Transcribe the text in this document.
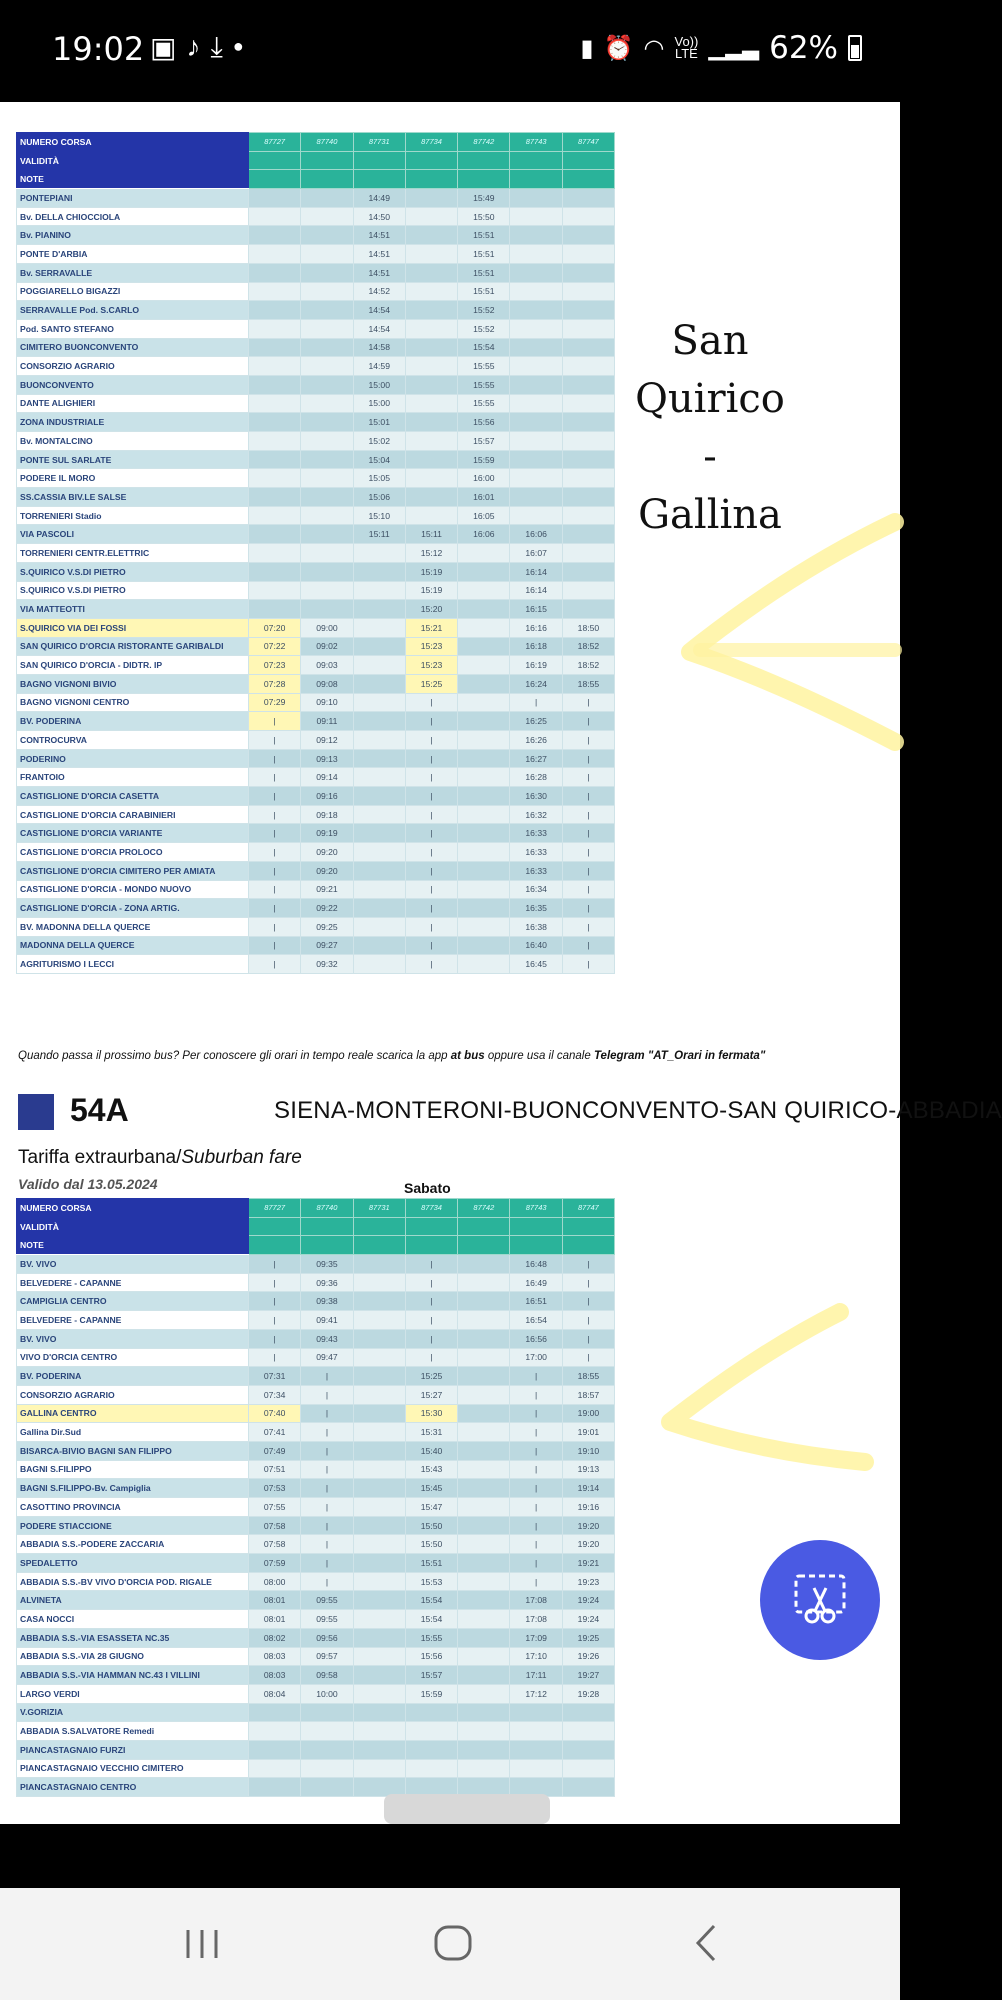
19:02 ▣ ♪ ⤓ ●	▮ ⏰ ◠ Vo))
LTE ▁▂▃ 62%
NUMERO CORSA	87727	87740	87731	87734	87742	87743	87747
VALIDITÀ							
NOTE							
PONTEPIANI			14:49		15:49		
Bv. DELLA CHIOCCIOLA			14:50		15:50		
Bv. PIANINO			14:51		15:51		
PONTE D'ARBIA			14:51		15:51		
Bv. SERRAVALLE			14:51		15:51		
POGGIARELLO BIGAZZI			14:52		15:51		
SERRAVALLE Pod. S.CARLO			14:54		15:52		
Pod. SANTO STEFANO			14:54		15:52		
CIMITERO BUONCONVENTO			14:58		15:54		
CONSORZIO AGRARIO			14:59		15:55		
BUONCONVENTO			15:00		15:55		
DANTE ALIGHIERI			15:00		15:55		
ZONA INDUSTRIALE			15:01		15:56		
Bv. MONTALCINO			15:02		15:57		
PONTE SUL SARLATE			15:04		15:59		
PODERE IL MORO			15:05		16:00		
SS.CASSIA BIV.LE SALSE			15:06		16:01		
TORRENIERI Stadio			15:10		16:05		
VIA PASCOLI			15:11	15:11	16:06	16:06	
TORRENIERI CENTR.ELETTRIC				15:12		16:07	
S.QUIRICO V.S.DI PIETRO				15:19		16:14	
S.QUIRICO V.S.DI PIETRO				15:19		16:14	
VIA MATTEOTTI				15:20		16:15	
S.QUIRICO VIA DEI FOSSI	07:20	09:00		15:21		16:16	18:50
SAN QUIRICO D'ORCIA RISTORANTE GARIBALDI	07:22	09:02		15:23		16:18	18:52
SAN QUIRICO D'ORCIA - DIDTR. IP	07:23	09:03		15:23		16:19	18:52
BAGNO VIGNONI BIVIO	07:28	09:08		15:25		16:24	18:55
BAGNO VIGNONI CENTRO	07:29	09:10		|		|	|
BV. PODERINA	|	09:11		|		16:25	|
CONTROCURVA	|	09:12		|		16:26	|
PODERINO	|	09:13		|		16:27	|
FRANTOIO	|	09:14		|		16:28	|
CASTIGLIONE D'ORCIA CASETTA	|	09:16		|		16:30	|
CASTIGLIONE D'ORCIA CARABINIERI	|	09:18		|		16:32	|
CASTIGLIONE D'ORCIA VARIANTE	|	09:19		|		16:33	|
CASTIGLIONE D'ORCIA PROLOCO	|	09:20		|		16:33	|
CASTIGLIONE D'ORCIA CIMITERO PER AMIATA	|	09:20		|		16:33	|
CASTIGLIONE D'ORCIA - MONDO NUOVO	|	09:21		|		16:34	|
CASTIGLIONE D'ORCIA - ZONA ARTIG.	|	09:22		|		16:35	|
BV. MADONNA DELLA QUERCE	|	09:25		|		16:38	|
MADONNA DELLA QUERCE	|	09:27		|		16:40	|
AGRITURISMO I LECCI	|	09:32		|		16:45	|
San
Quirico
-
Gallina
Quando passa il prossimo bus? Per conoscere gli orari in tempo reale scarica la app at bus oppure usa il canale Telegram "AT_Orari in fermata"
54A	SIENA-MONTERONI-BUONCONVENTO-SAN QUIRICO-ABBADIA
Tariffa extraurbana/Suburban fare
Valido dal 13.05.2024	Sabato
NUMERO CORSA	87727	87740	87731	87734	87742	87743	87747
VALIDITÀ							
NOTE							
BV. VIVO	|	09:35		|		16:48	|
BELVEDERE - CAPANNE	|	09:36		|		16:49	|
CAMPIGLIA CENTRO	|	09:38		|		16:51	|
BELVEDERE - CAPANNE	|	09:41		|		16:54	|
BV. VIVO	|	09:43		|		16:56	|
VIVO D'ORCIA CENTRO	|	09:47		|		17:00	|
BV. PODERINA	07:31	|		15:25		|	18:55
CONSORZIO AGRARIO	07:34	|		15:27		|	18:57
GALLINA CENTRO	07:40	|		15:30		|	19:00
Gallina Dir.Sud	07:41	|		15:31		|	19:01
BISARCA-BIVIO BAGNI SAN FILIPPO	07:49	|		15:40		|	19:10
BAGNI S.FILIPPO	07:51	|		15:43		|	19:13
BAGNI S.FILIPPO-Bv. Campiglia	07:53	|		15:45		|	19:14
CASOTTINO PROVINCIA	07:55	|		15:47		|	19:16
PODERE STIACCIONE	07:58	|		15:50		|	19:20
ABBADIA S.S.-PODERE ZACCARIA	07:58	|		15:50		|	19:20
SPEDALETTO	07:59	|		15:51		|	19:21
ABBADIA S.S.-BV VIVO D'ORCIA POD. RIGALE	08:00	|		15:53		|	19:23
ALVINETA	08:01	09:55		15:54		17:08	19:24
CASA NOCCI	08:01	09:55		15:54		17:08	19:24
ABBADIA S.S.-VIA ESASSETA NC.35	08:02	09:56		15:55		17:09	19:25
ABBADIA S.S.-VIA 28 GIUGNO	08:03	09:57		15:56		17:10	19:26
ABBADIA S.S.-VIA HAMMAN NC.43 I VILLINI	08:03	09:58		15:57		17:11	19:27
LARGO VERDI	08:04	10:00		15:59		17:12	19:28
V.GORIZIA							
ABBADIA S.SALVATORE Remedi							
PIANCASTAGNAIO FURZI							
PIANCASTAGNAIO VECCHIO CIMITERO							
PIANCASTAGNAIO CENTRO							
